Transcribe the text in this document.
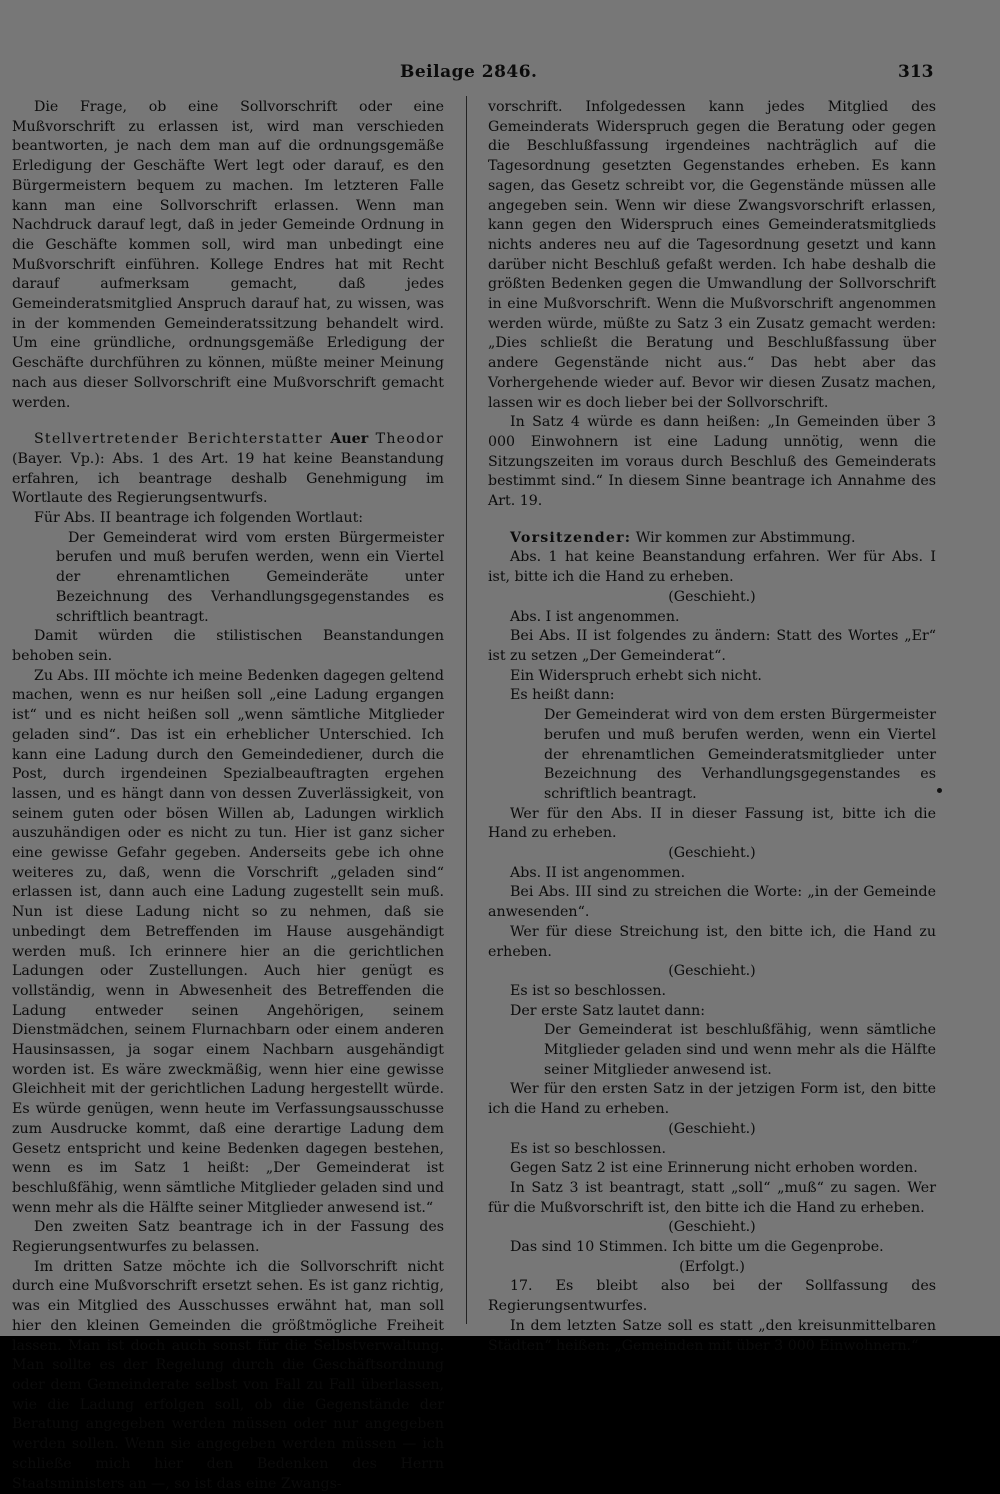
Beilage 2846.	313

Die Frage, ob eine Sollvorschrift oder eine Mußvorschrift zu erlassen ist, wird man verschieden beantworten, je nach dem man auf die ordnungsgemäße Erledigung der Geschäfte Wert legt oder darauf, es den Bürgermeistern bequem zu machen. Im letzteren Falle kann man eine Sollvorschrift erlassen. Wenn man Nachdruck darauf legt, daß in jeder Gemeinde Ordnung in die Geschäfte kommen soll, wird man unbedingt eine Mußvorschrift einführen. Kollege Endres hat mit Recht darauf aufmerksam gemacht, daß jedes Gemeinderatsmitglied Anspruch darauf hat, zu wissen, was in der kommenden Gemeinderatssitzung behandelt wird. Um eine gründliche, ordnungsgemäße Erledigung der Geschäfte durchführen zu können, müßte meiner Meinung nach aus dieser Sollvorschrift eine Mußvorschrift gemacht werden.

Stellvertretender Berichterstatter Auer Theodor (Bayer. Vp.): Abs. 1 des Art. 19 hat keine Beanstandung erfahren, ich beantrage deshalb Genehmigung im Wortlaute des Regierungsentwurfs.

Für Abs. II beantrage ich folgenden Wortlaut:

Der Gemeinderat wird vom ersten Bürgermeister berufen und muß berufen werden, wenn ein Viertel der ehrenamtlichen Gemeinderäte unter Bezeichnung des Verhandlungsgegenstandes es schriftlich beantragt.

Damit würden die stilistischen Beanstandungen behoben sein.

Zu Abs. III möchte ich meine Bedenken dagegen geltend machen, wenn es nur heißen soll „eine Ladung ergangen ist“ und es nicht heißen soll „wenn sämtliche Mitglieder geladen sind“. Das ist ein erheblicher Unterschied. Ich kann eine Ladung durch den Gemeindediener, durch die Post, durch irgendeinen Spezialbeauftragten ergehen lassen, und es hängt dann von dessen Zuverlässigkeit, von seinem guten oder bösen Willen ab, Ladungen wirklich auszuhändigen oder es nicht zu tun. Hier ist ganz sicher eine gewisse Gefahr gegeben. Anderseits gebe ich ohne weiteres zu, daß, wenn die Vorschrift „geladen sind“ erlassen ist, dann auch eine Ladung zugestellt sein muß. Nun ist diese Ladung nicht so zu nehmen, daß sie unbedingt dem Betreffenden im Hause ausgehändigt werden muß. Ich erinnere hier an die gerichtlichen Ladungen oder Zustellungen. Auch hier genügt es vollständig, wenn in Abwesenheit des Betreffenden die Ladung entweder seinen Angehörigen, seinem Dienstmädchen, seinem Flurnachbarn oder einem anderen Hausinsassen, ja sogar einem Nachbarn ausgehändigt worden ist. Es wäre zweckmäßig, wenn hier eine gewisse Gleichheit mit der gerichtlichen Ladung hergestellt würde. Es würde genügen, wenn heute im Verfassungsausschusse zum Ausdrucke kommt, daß eine derartige Ladung dem Gesetz entspricht und keine Bedenken dagegen bestehen, wenn es im Satz 1 heißt: „Der Gemeinderat ist beschlußfähig, wenn sämtliche Mitglieder geladen sind und wenn mehr als die Hälfte seiner Mitglieder anwesend ist.“

Den zweiten Satz beantrage ich in der Fassung des Regierungsentwurfes zu belassen.

Im dritten Satze möchte ich die Sollvorschrift nicht durch eine Mußvorschrift ersetzt sehen. Es ist ganz richtig, was ein Mitglied des Ausschusses erwähnt hat, man soll hier den kleinen Gemeinden die größtmögliche Freiheit lassen. Man ist doch auch sonst für die Selbstverwaltung. Man sollte es der Regelung durch die Geschäftsordnung oder dem Gemeinderate selbst von Fall zu Fall überlassen, wie die Ladung erfolgen soll, ob die Gegenstände der Beratung angegeben werden müssen oder nur angegeben werden sollen. Wenn sie angegeben werden müssen — ich schließe mich hier den Bedenken des Herrn Staatsministers an —, so ist das eine Zwangs-

vorschrift. Infolgedessen kann jedes Mitglied des Gemeinderats Widerspruch gegen die Beratung oder gegen die Beschlußfassung irgendeines nachträglich auf die Tagesordnung gesetzten Gegenstandes erheben. Es kann sagen, das Gesetz schreibt vor, die Gegenstände müssen alle angegeben sein. Wenn wir diese Zwangsvorschrift erlassen, kann gegen den Widerspruch eines Gemeinderatsmitglieds nichts anderes neu auf die Tagesordnung gesetzt und kann darüber nicht Beschluß gefaßt werden. Ich habe deshalb die größten Bedenken gegen die Umwandlung der Sollvorschrift in eine Mußvorschrift. Wenn die Mußvorschrift angenommen werden würde, müßte zu Satz 3 ein Zusatz gemacht werden: „Dies schließt die Beratung und Beschlußfassung über andere Gegenstände nicht aus.“ Das hebt aber das Vorhergehende wieder auf. Bevor wir diesen Zusatz machen, lassen wir es doch lieber bei der Sollvorschrift.

In Satz 4 würde es dann heißen: „In Gemeinden über 3 000 Einwohnern ist eine Ladung unnötig, wenn die Sitzungszeiten im voraus durch Beschluß des Gemeinderats bestimmt sind.“ In diesem Sinne beantrage ich Annahme des Art. 19.

Vorsitzender: Wir kommen zur Abstimmung.

Abs. 1 hat keine Beanstandung erfahren. Wer für Abs. I ist, bitte ich die Hand zu erheben.

(Geschieht.)

Abs. I ist angenommen.

Bei Abs. II ist folgendes zu ändern: Statt des Wortes „Er“ ist zu setzen „Der Gemeinderat“.

Ein Widerspruch erhebt sich nicht.

Es heißt dann:

Der Gemeinderat wird von dem ersten Bürgermeister berufen und muß berufen werden, wenn ein Viertel der ehrenamtlichen Gemeinderatsmitglieder unter Bezeichnung des Verhandlungsgegenstandes es schriftlich beantragt.

Wer für den Abs. II in dieser Fassung ist, bitte ich die Hand zu erheben.

(Geschieht.)

Abs. II ist angenommen.

Bei Abs. III sind zu streichen die Worte: „in der Gemeinde anwesenden“.

Wer für diese Streichung ist, den bitte ich, die Hand zu erheben.

(Geschieht.)

Es ist so beschlossen.

Der erste Satz lautet dann:

Der Gemeinderat ist beschlußfähig, wenn sämtliche Mitglieder geladen sind und wenn mehr als die Hälfte seiner Mitglieder anwesend ist.

Wer für den ersten Satz in der jetzigen Form ist, den bitte ich die Hand zu erheben.

(Geschieht.)

Es ist so beschlossen.

Gegen Satz 2 ist eine Erinnerung nicht erhoben worden.

In Satz 3 ist beantragt, statt „soll“ „muß“ zu sagen. Wer für die Mußvorschrift ist, den bitte ich die Hand zu erheben.

(Geschieht.)

Das sind 10 Stimmen. Ich bitte um die Gegenprobe.

(Erfolgt.)

17. Es bleibt also bei der Sollfassung des Regierungsentwurfes.

In dem letzten Satze soll es statt „den kreisunmittelbaren Städten“ heißen: „Gemeinden mit über 3 000 Einwohnern.“
